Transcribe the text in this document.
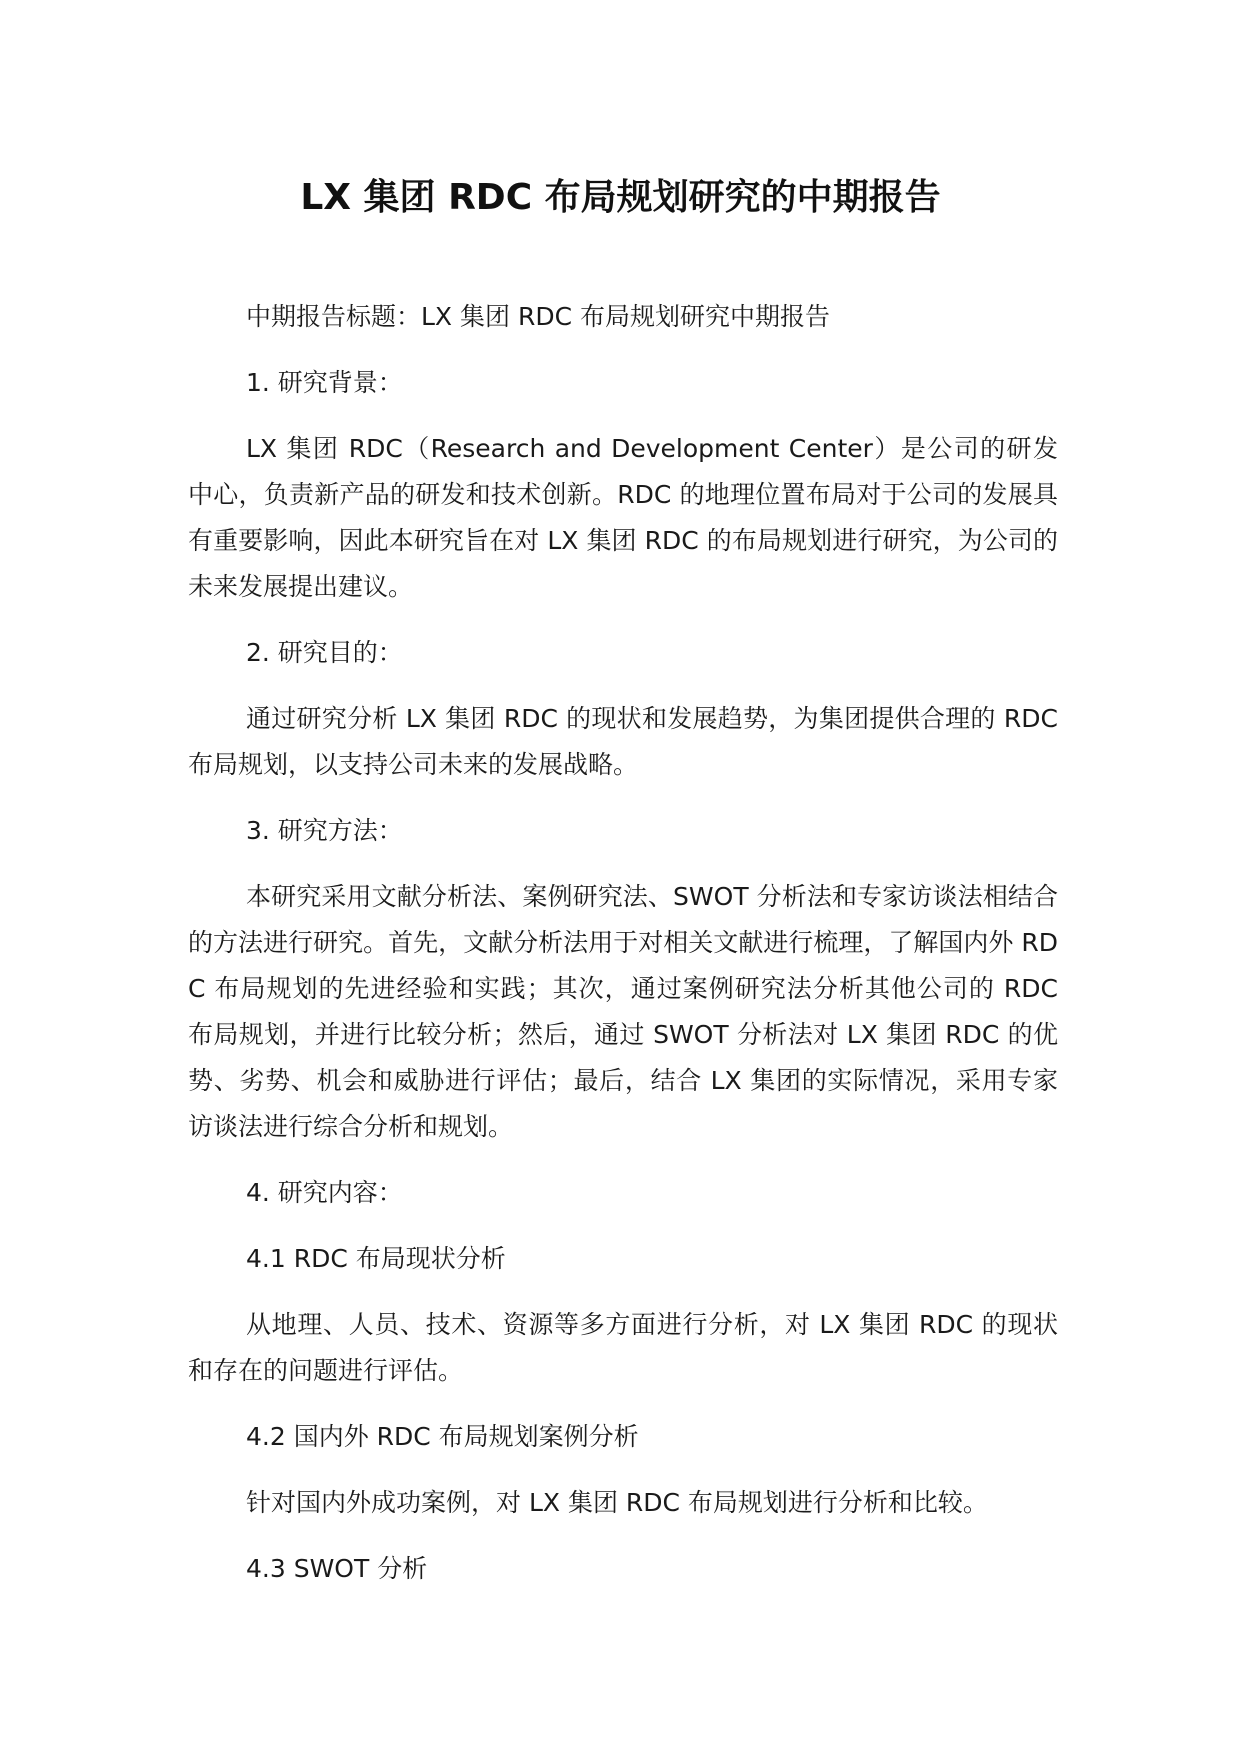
LX 集团 RDC 布局规划研究的中期报告

中期报告标题：LX 集团 RDC 布局规划研究中期报告

1. 研究背景：

LX 集团 RDC（Research and Development Center）是公司的研发中心，负责新产品的研发和技术创新。RDC 的地理位置布局对于公司的发展具有重要影响，因此本研究旨在对 LX 集团 RDC 的布局规划进行研究，为公司的未来发展提出建议。

2. 研究目的：

通过研究分析 LX 集团 RDC 的现状和发展趋势，为集团提供合理的 RDC 布局规划，以支持公司未来的发展战略。

3. 研究方法：

本研究采用文献分析法、案例研究法、SWOT 分析法和专家访谈法相结合的方法进行研究。首先，文献分析法用于对相关文献进行梳理，了解国内外 RDC 布局规划的先进经验和实践；其次，通过案例研究法分析其他公司的 RDC 布局规划，并进行比较分析；然后，通过 SWOT 分析法对 LX 集团 RDC 的优势、劣势、机会和威胁进行评估；最后，结合 LX 集团的实际情况，采用专家访谈法进行综合分析和规划。

4. 研究内容：

4.1 RDC 布局现状分析

从地理、人员、技术、资源等多方面进行分析，对 LX 集团 RDC 的现状和存在的问题进行评估。

4.2 国内外 RDC 布局规划案例分析

针对国内外成功案例，对 LX 集团 RDC 布局规划进行分析和比较。

4.3 SWOT 分析
